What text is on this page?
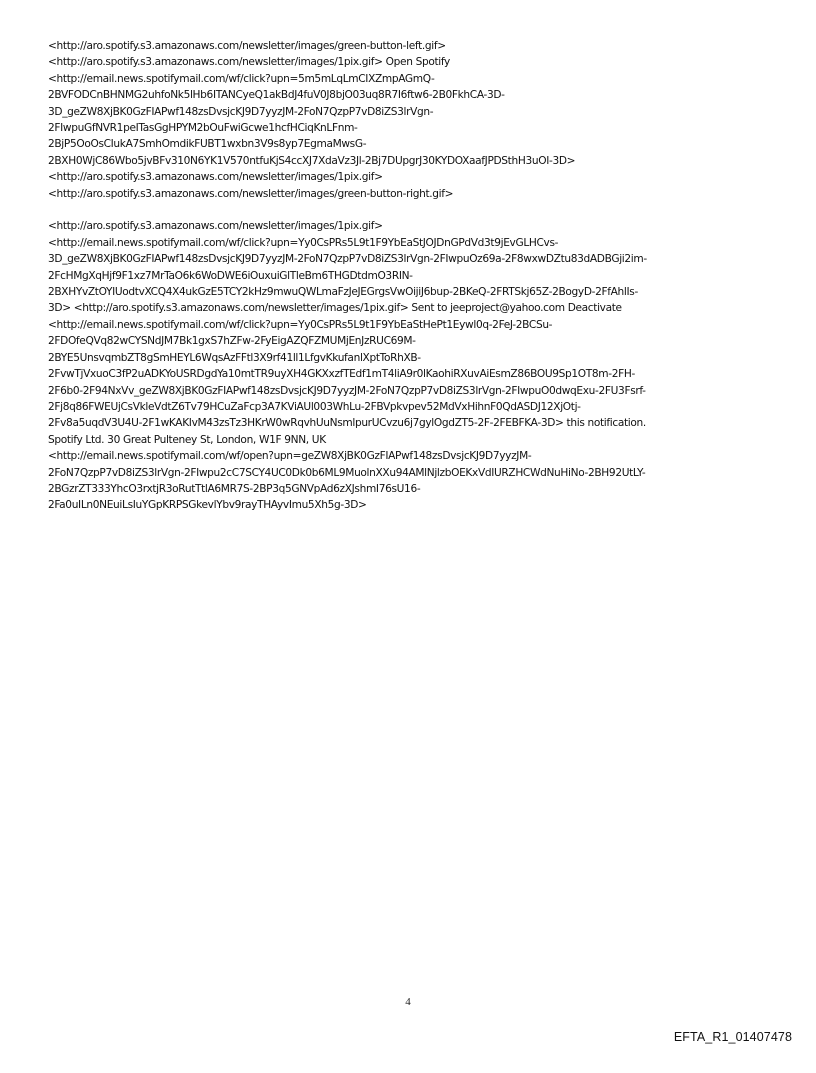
<http://aro.spotify.s3.amazonaws.com/newsletter/images/green-button-left.gif>
<http://aro.spotify.s3.amazonaws.com/newsletter/images/1pix.gif> Open Spotify
<http://email.news.spotifymail.com/wf/click?upn=5m5mLqLmCIXZmpAGmQ-
2BVFODCnBHNMG2uhfoNk5lHb6ITANCyeQ1akBdJ4fuV0J8bjO03uq8R7I6ftw6-2B0FkhCA-3D-
3D_geZW8XjBK0GzFIAPwf148zsDvsjcKJ9D7yyzJM-2FoN7QzpP7vD8iZS3lrVgn-
2FIwpuGfNVR1peITasGgHPYM2bOuFwiGcwe1hcfHCiqKnLFnm-
2BjP5OoOsCIukA7SmhOmdikFUBT1wxbn3V9s8yp7EgmaMwsG-
2BXH0WjC86Wbo5jvBFv310N6YK1V570ntfuKjS4ccXJ7XdaVz3Jl-2Bj7DUpgrJ30KYDOXaafJPDSthH3uOI-3D>
<http://aro.spotify.s3.amazonaws.com/newsletter/images/1pix.gif>
<http://aro.spotify.s3.amazonaws.com/newsletter/images/green-button-right.gif>
<http://aro.spotify.s3.amazonaws.com/newsletter/images/1pix.gif>
<http://email.news.spotifymail.com/wf/click?upn=Yy0CsPRs5L9t1F9YbEaStJOJDnGPdVd3t9jEvGLHCvs-
3D_geZW8XjBK0GzFIAPwf148zsDvsjcKJ9D7yyzJM-2FoN7QzpP7vD8iZS3lrVgn-2FIwpuOz69a-2F8wxwDZtu83dADBGji2im-
2FcHMgXqHjf9F1xz7MrTaO6k6WoDWE6iOuxuiGlTleBm6THGDtdmO3RIN-
2BXHYvZtOYIUodtvXCQ4X4ukGzE5TCY2kHz9mwuQWLmaFzJeJEGrgsVwOijiJ6bup-2BKeQ-2FRTSkj65Z-2BogyD-2FfAhlIs-
3D> <http://aro.spotify.s3.amazonaws.com/newsletter/images/1pix.gif> Sent to jeeproject@yahoo.com Deactivate
<http://email.news.spotifymail.com/wf/click?upn=Yy0CsPRs5L9t1F9YbEaStHePt1Eywl0q-2FeJ-2BCSu-
2FDOfeQVq82wCYSNdJM7Bk1gxS7hZFw-2FyEigAZQFZMUMjEnJzRUC69M-
2BYE5UnsvqmbZT8gSmHEYL6WqsAzFFtl3X9rf41ll1LfgvKkufanlXptToRhXB-
2FvwTjVxuoC3fP2uADKYoUSRDgdYa10mtTR9uyXH4GKXxzfTEdf1mT4liA9r0lKaohiRXuvAiEsmZ86BOU9Sp1OT8m-2FH-
2F6b0-2F94NxVv_geZW8XjBK0GzFIAPwf148zsDvsjcKJ9D7yyzJM-2FoN7QzpP7vD8iZS3lrVgn-2FIwpuO0dwqExu-2FU3Fsrf-
2Fj8q86FWEUjCsVkleVdtZ6Tv79HCuZaFcp3A7KViAUl003WhLu-2FBVpkvpev52MdVxHihnF0QdASDJ12XjOtj-
2Fv8a5uqdV3U4U-2F1wKAKIvM43zsTz3HKrW0wRqvhUuNsmlpurUCvzu6j7gylOgdZT5-2F-2FEBFKA-3D> this notification.
Spotify Ltd. 30 Great Pulteney St, London, W1F 9NN, UK
<http://email.news.spotifymail.com/wf/open?upn=geZW8XjBK0GzFIAPwf148zsDvsjcKJ9D7yyzJM-
2FoN7QzpP7vD8iZS3lrVgn-2FIwpu2cC7SCY4UC0Dk0b6ML9MuolnXXu94AMlNjlzbOEKxVdIURZHCWdNuHiNo-2BH92UtLY-
2BGzrZT333YhcO3rxtjR3oRutTtlA6MR7S-2BP3q5GNVpAd6zXJshmI76sU16-
2Fa0uILn0NEuiLsIuYGpKRPSGkevlYbv9rayTHAyvImu5Xh5g-3D>
4
EFTA_R1_01407478
